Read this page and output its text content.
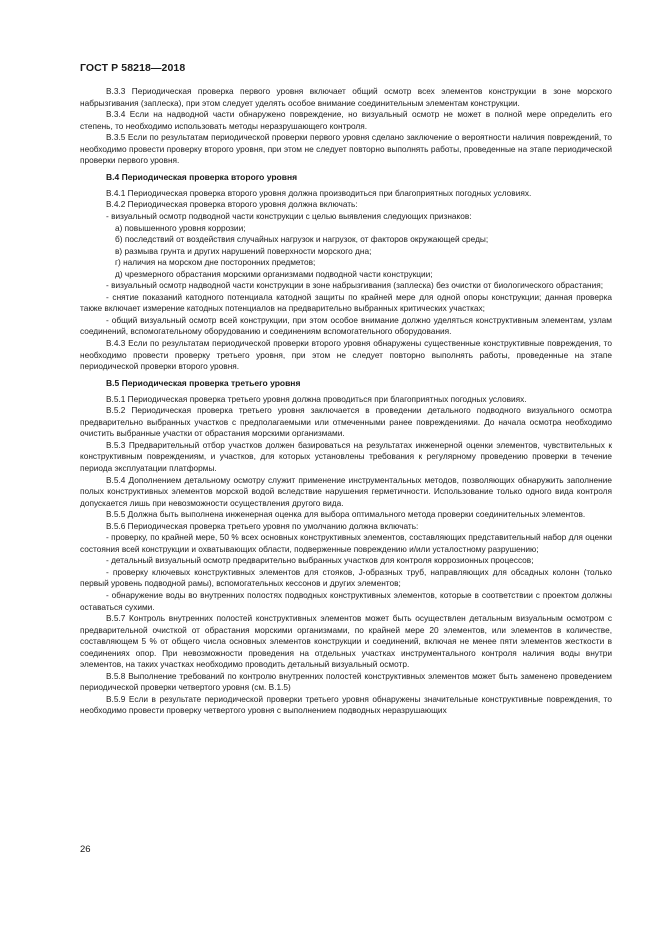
ГОСТ Р 58218—2018

В.3.3 Периодическая проверка первого уровня включает общий осмотр всех элементов конструкции в зоне морского набрызгивания (заплеска), при этом следует уделять особое внимание соединительным элементам конструкции.

В.3.4 Если на надводной части обнаружено повреждение, но визуальный осмотр не может в полной мере определить его степень, то необходимо использовать методы неразрушающего контроля.

В.3.5 Если по результатам периодической проверки первого уровня сделано заключение о вероятности наличия повреждений, то необходимо провести проверку второго уровня, при этом не следует повторно выполнять работы, проведенные на этапе периодической проверки первого уровня.

В.4 Периодическая проверка второго уровня

В.4.1 Периодическая проверка второго уровня должна производиться при благоприятных погодных условиях.

В.4.2 Периодическая проверка второго уровня должна включать:

- визуальный осмотр подводной части конструкции с целью выявления следующих признаков:

а) повышенного уровня коррозии;

б) последствий от воздействия случайных нагрузок и нагрузок, от факторов окружающей среды;

в) размыва грунта и других нарушений поверхности морского дна;

г) наличия на морском дне посторонних предметов;

д) чрезмерного обрастания морскими организмами подводной части конструкции;

- визуальный осмотр надводной части конструкции в зоне набрызгивания (заплеска) без очистки от биологического обрастания;

- снятие показаний катодного потенциала катодной защиты по крайней мере для одной опоры конструкции; данная проверка также включает измерение катодных потенциалов на предварительно выбранных критических участках;

- общий визуальный осмотр всей конструкции, при этом особое внимание должно уделяться конструктивным элементам, узлам соединений, вспомогательному оборудованию и соединениям вспомогательного оборудования.

В.4.3 Если по результатам периодической проверки второго уровня обнаружены существенные конструктивные повреждения, то необходимо провести проверку третьего уровня, при этом не следует повторно выполнять работы, проведенные на этапе периодической проверки второго уровня.

В.5 Периодическая проверка третьего уровня

В.5.1 Периодическая проверка третьего уровня должна проводиться при благоприятных погодных условиях.

В.5.2 Периодическая проверка третьего уровня заключается в проведении детального подводного визуального осмотра предварительно выбранных участков с предполагаемыми или отмеченными ранее повреждениями. До начала осмотра необходимо очистить выбранные участки от обрастания морскими организмами.

В.5.3 Предварительный отбор участков должен базироваться на результатах инженерной оценки элементов, чувствительных к конструктивным повреждениям, и участков, для которых установлены требования к регулярному проведению проверки в течение периода эксплуатации платформы.

В.5.4 Дополнением детальному осмотру служит применение инструментальных методов, позволяющих обнаружить заполнение полых конструктивных элементов морской водой вследствие нарушения герметичности. Использование только одного вида контроля допускается лишь при невозможности осуществления другого вида.

В.5.5 Должна быть выполнена инженерная оценка для выбора оптимального метода проверки соединительных элементов.

В.5.6 Периодическая проверка третьего уровня по умолчанию должна включать:

- проверку, по крайней мере, 50 % всех основных конструктивных элементов, составляющих представительный набор для оценки состояния всей конструкции и охватывающих области, подверженные повреждению и/или усталостному разрушению;

- детальный визуальный осмотр предварительно выбранных участков для контроля коррозионных процессов;

- проверку ключевых конструктивных элементов для стояков, J-образных труб, направляющих для обсадных колонн (только первый уровень подводной рамы), вспомогательных кессонов и других элементов;

- обнаружение воды во внутренних полостях подводных конструктивных элементов, которые в соответствии с проектом должны оставаться сухими.

В.5.7 Контроль внутренних полостей конструктивных элементов может быть осуществлен детальным визуальным осмотром с предварительной очисткой от обрастания морскими организмами, по крайней мере 20 элементов, или элементов в количестве, составляющем 5 % от общего числа основных элементов конструкции и соединений, включая не менее пяти элементов жесткости в соединениях опор. При невозможности проведения на отдельных участках инструментального контроля наличия воды внутри элементов, на таких участках необходимо проводить детальный визуальный осмотр.

В.5.8 Выполнение требований по контролю внутренних полостей конструктивных элементов может быть заменено проведением периодической проверки четвертого уровня (см. В.1.5)

В.5.9 Если в результате периодической проверки третьего уровня обнаружены значительные конструктивные повреждения, то необходимо провести проверку четвертого уровня с выполнением подводных неразрушающих

26
